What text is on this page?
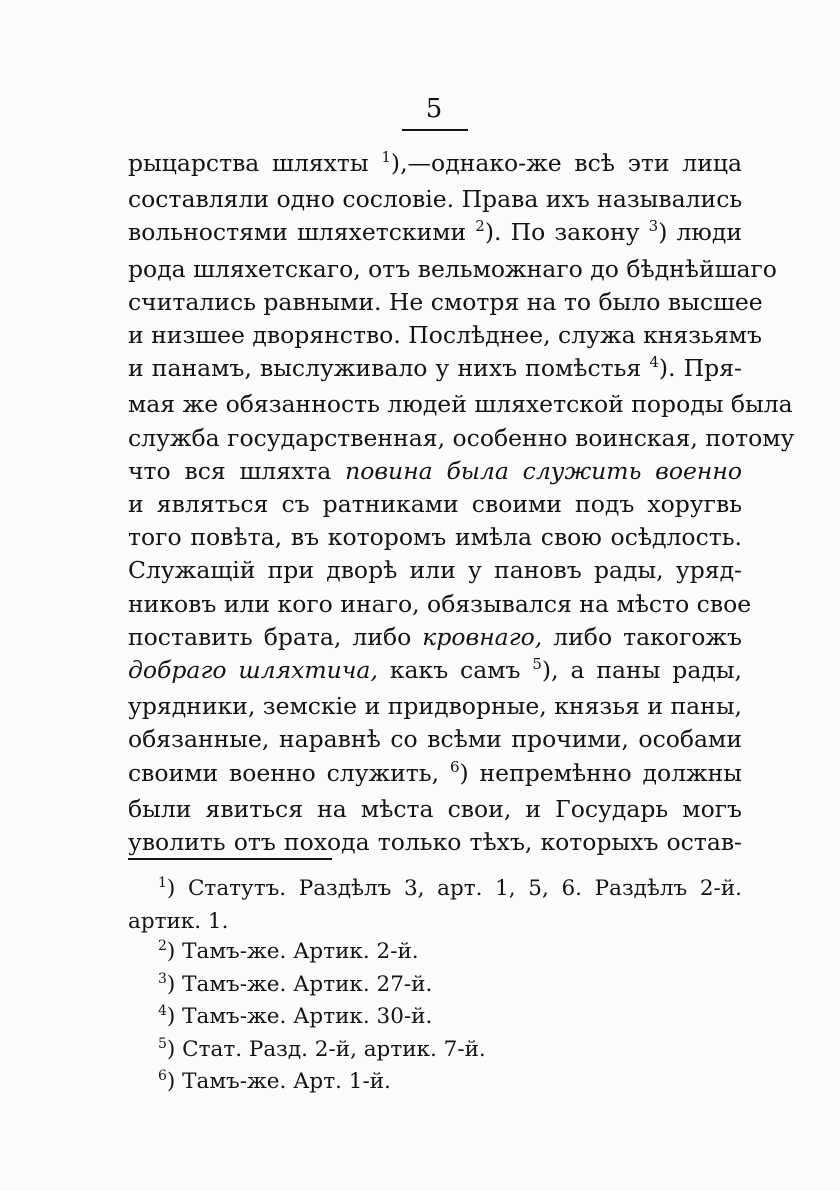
5
рыцарства шляхты $^1$),—однако-же всѣ эти лица
составляли одно сословіе. Права ихъ назывались
вольностями шляхетскими $^2$). По закону $^3$) люди
рода шляхетскаго, отъ вельможнаго до бѣднѣйшаго
считались равными. Не смотря на то было высшее
и низшее дворянство. Послѣднее, служа князьямъ
и панамъ, выслуживало у нихъ помѣстья $^4$). Пря-
мая же обязанность людей шляхетской породы была
служба государственная, особенно воинская, потому
что вся шляхта повина была служить военно
и являться съ ратниками своими подъ хоругвь
того повѣта, въ которомъ имѣла свою осѣдлость.
Служащій при дворѣ или у пановъ рады, уряд-
никовъ или кого инаго, обязывался на мѣсто свое
поставить брата, либо кровнаго, либо такогожъ
добраго шляхтича, какъ самъ $^5$), а паны рады,
урядники, земскіе и придворные, князья и паны,
обязанные, наравнѣ со всѣми прочими, особами
своими военно служить, $^6$) непремѣнно должны
были явиться на мѣста свои, и Государь могъ
уволить отъ похода только тѣхъ, которыхъ остав-
$^1$) Статутъ. Раздѣлъ 3, арт. 1, 5, 6. Раздѣлъ 2-й.
артик. 1.
$^2$) Тамъ-же. Артик. 2-й.
$^3$) Тамъ-же. Артик. 27-й.
$^4$) Тамъ-же. Артик. 30-й.
$^5$) Стат. Разд. 2-й, артик. 7-й.
$^6$) Тамъ-же. Арт. 1-й.
